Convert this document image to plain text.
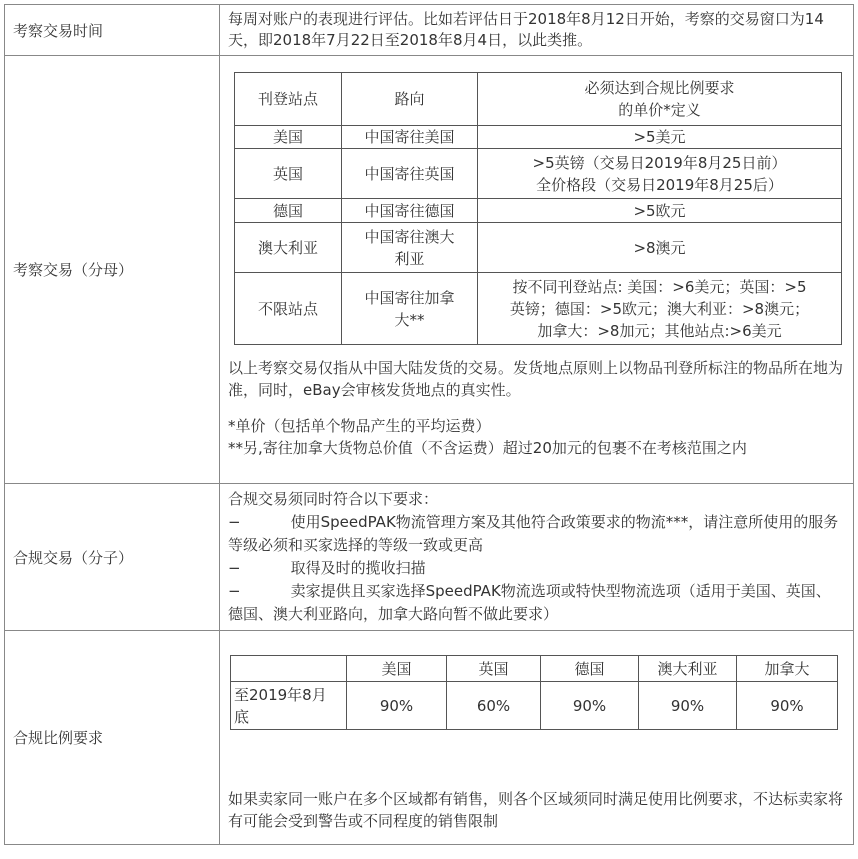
考察交易时间	每周对账户的表现进行评估。比如若评估日于2018年8月12日开始，考察的交易窗口为14 天，即2018年7月22日至2018年8月4日，以此类推。
考察交易（分母）	
刊登站点	路向	必须达到合规比例要求
的单价*定义
美国	中国寄往美国	>5美元
英国	中国寄往英国	>5英镑（交易日2019年8月25日前）
全价格段（交易日2019年8月25后）
德国	中国寄往德国	>5欧元
澳大利亚	中国寄往澳大
利亚	>8澳元
不限站点	中国寄往加拿
大**	按不同刊登站点: 美国：>6美元；英国：>5
英镑；德国：>5欧元；澳大利亚：>8澳元；
加拿大：>8加元；其他站点:>6美元
以上考察交易仅指从中国大陆发货的交易。发货地点原则上以物品刊登所标注的物品所在地为准，同时，eBay会审核发货地点的真实性。
*单价（包括单个物品产生的平均运费）
**另,寄往加拿大货物总价值（不含运费）超过20加元的包裹不在考核范围之内

合规交易（分子）	
合规交易须同时符合以下要求：
−	使用SpeedPAK物流管理方案及其他符合政策要求的物流***，请注意所使用的服务等级必须和买家选择的等级一致或更高
−	取得及时的揽收扫描
−	卖家提供且买家选择SpeedPAK物流选项或特快型物流选项（适用于美国、英国、德国、澳大利亚路向，加拿大路向暂不做此要求）

合规比例要求	
	美国	英国	德国	澳大利亚	加拿大
至2019年8月
底	90%	60%	90%	90%	90%
如果卖家同一账户在多个区域都有销售，则各个区域须同时满足使用比例要求，不达标卖家将有可能会受到警告或不同程度的销售限制
